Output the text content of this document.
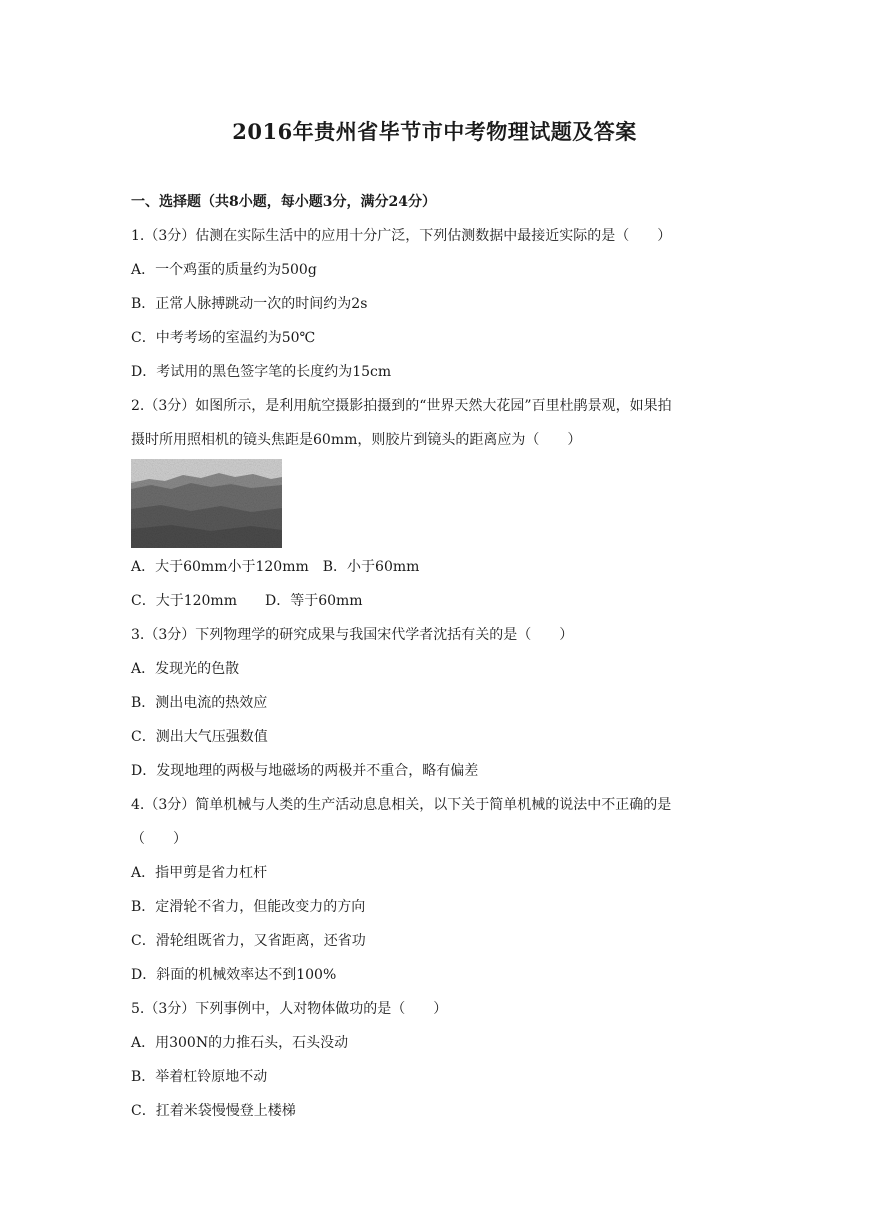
2016年贵州省毕节市中考物理试题及答案
一、选择题（共8小题，每小题3分，满分24分）
1.（3分）估测在实际生活中的应用十分广泛，下列估测数据中最接近实际的是（　　）
A．一个鸡蛋的质量约为500g
B．正常人脉搏跳动一次的时间约为2s
C．中考考场的室温约为50℃
D．考试用的黑色签字笔的长度约为15cm
2.（3分）如图所示，是利用航空摄影拍摄到的“世界天然大花园”百里杜鹃景观，如果拍
摄时所用照相机的镜头焦距是60mm，则胶片到镜头的距离应为（　　）
A．大于60mm小于120mm　B．小于60mm
C．大于120mm　　D．等于60mm
3.（3分）下列物理学的研究成果与我国宋代学者沈括有关的是（　　）
A．发现光的色散
B．测出电流的热效应
C．测出大气压强数值
D．发现地理的两极与地磁场的两极并不重合，略有偏差
4.（3分）简单机械与人类的生产活动息息相关，以下关于简单机械的说法中不正确的是
（　　）
A．指甲剪是省力杠杆
B．定滑轮不省力，但能改变力的方向
C．滑轮组既省力，又省距离，还省功
D．斜面的机械效率达不到100%
5.（3分）下列事例中，人对物体做功的是（　　）
A．用300N的力推石头，石头没动
B．举着杠铃原地不动
C．扛着米袋慢慢登上楼梯
